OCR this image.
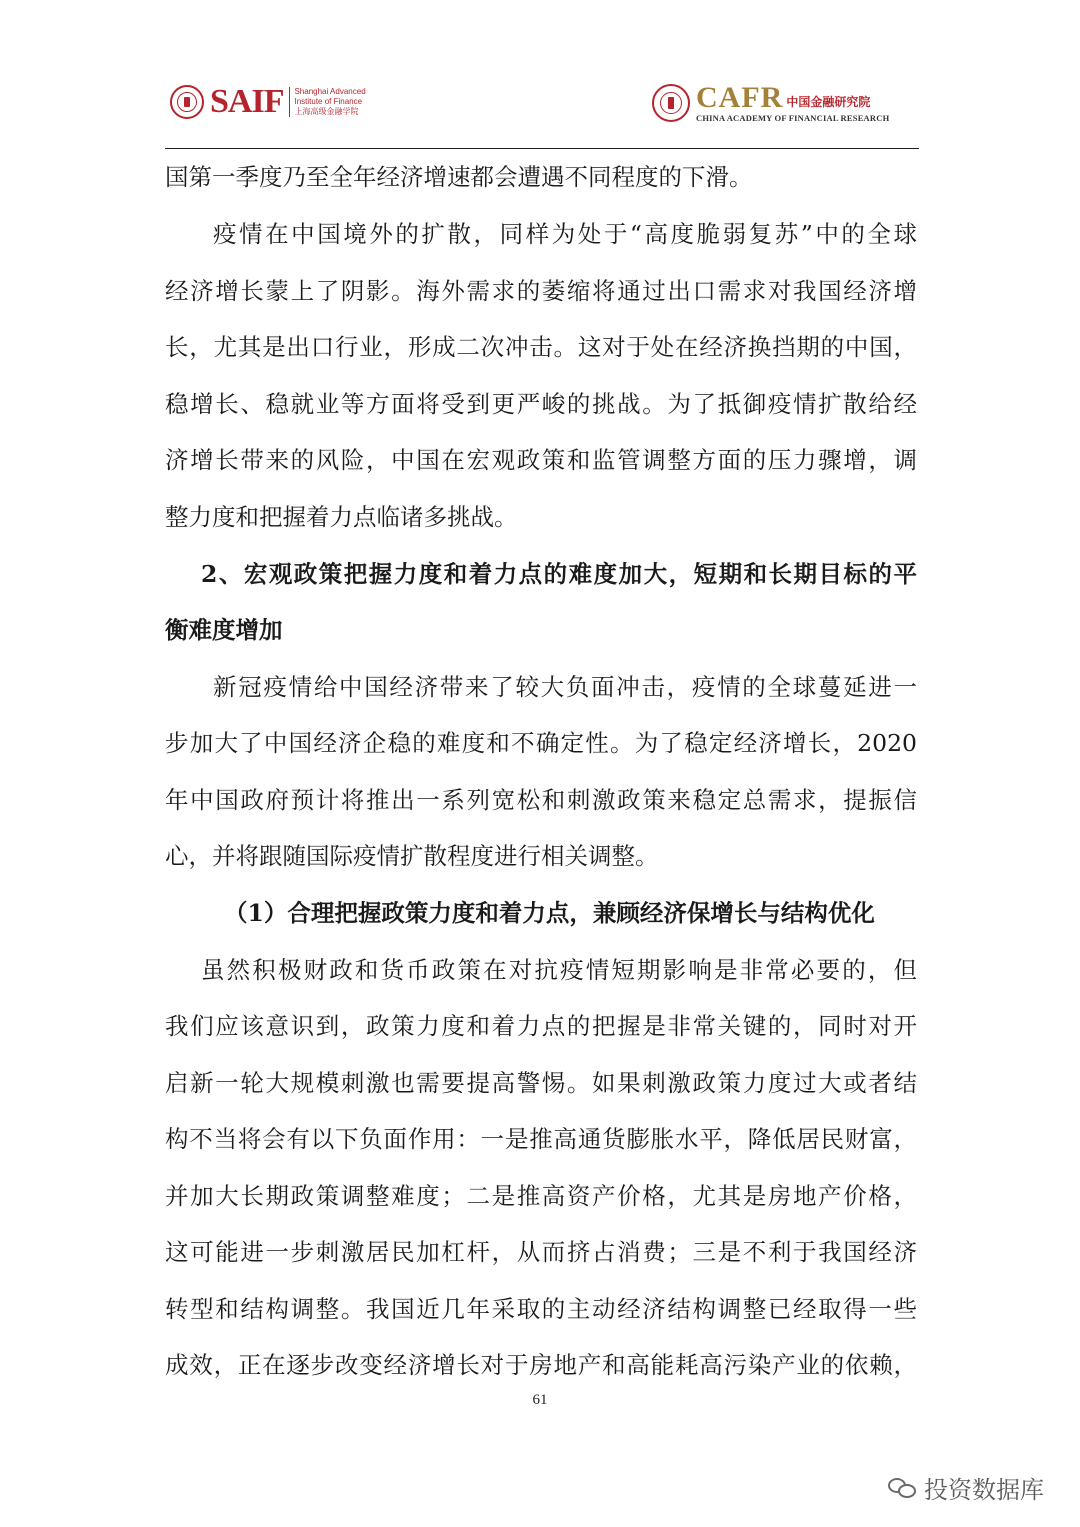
SAIF Shanghai Advanced
Institute of Finance
上海高级金融学院	CAFR 中国金融研究院
CHINA ACADEMY OF FINANCIAL RESEARCH
国第一季度乃至全年经济增速都会遭遇不同程度的下滑。
疫情在中国境外的扩散，同样为处于“高度脆弱复苏”中的全球
经济增长蒙上了阴影。海外需求的萎缩将通过出口需求对我国经济增
长，尤其是出口行业，形成二次冲击。这对于处在经济换挡期的中国，
稳增长、稳就业等方面将受到更严峻的挑战。为了抵御疫情扩散给经
济增长带来的风险，中国在宏观政策和监管调整方面的压力骤增，调
整力度和把握着力点临诸多挑战。
2、宏观政策把握力度和着力点的难度加大，短期和长期目标的平
衡难度增加
新冠疫情给中国经济带来了较大负面冲击，疫情的全球蔓延进一
步加大了中国经济企稳的难度和不确定性。为了稳定经济增长，2020
年中国政府预计将推出一系列宽松和刺激政策来稳定总需求，提振信
心，并将跟随国际疫情扩散程度进行相关调整。
（1）合理把握政策力度和着力点，兼顾经济保增长与结构优化
虽然积极财政和货币政策在对抗疫情短期影响是非常必要的，但
我们应该意识到，政策力度和着力点的把握是非常关键的，同时对开
启新一轮大规模刺激也需要提高警惕。如果刺激政策力度过大或者结
构不当将会有以下负面作用：一是推高通货膨胀水平，降低居民财富，
并加大长期政策调整难度；二是推高资产价格，尤其是房地产价格，
这可能进一步刺激居民加杠杆，从而挤占消费；三是不利于我国经济
转型和结构调整。我国近几年采取的主动经济结构调整已经取得一些
成效，正在逐步改变经济增长对于房地产和高能耗高污染产业的依赖，
61
投资数据库
